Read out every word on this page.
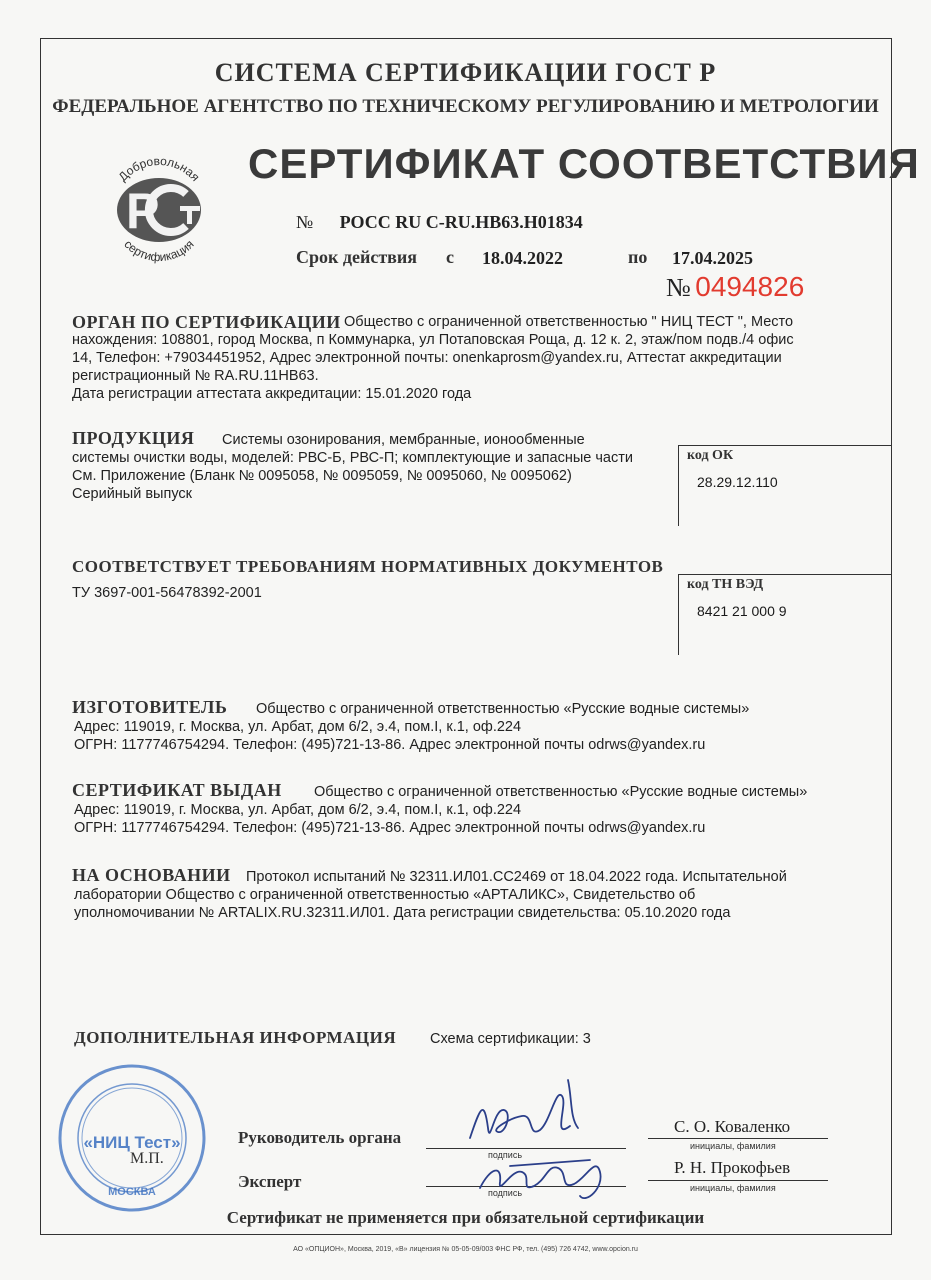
СИСТЕМА СЕРТИФИКАЦИИ ГОСТ Р
ФЕДЕРАЛЬНОЕ АГЕНТСТВО ПО ТЕХНИЧЕСКОМУ РЕГУЛИРОВАНИЮ И МЕТРОЛОГИИ
P
Добровольная
сертификация
СЕРТИФИКАТ СООТВЕТСТВИЯ
№ РОСС RU C-RU.НВ63.Н01834
Срок действия с 18.04.2022	по 17.04.2025
№ 0494826
ОРГАН ПО СЕРТИФИКАЦИИ Общество с ограниченной ответственностью " НИЦ ТЕСТ ", Место
нахождения: 108801, город Москва, п Коммунарка, ул Потаповская Роща, д. 12 к. 2, этаж/пом подв./4 офис
14, Телефон: +79034451952, Адрес электронной почты: onenkaprosm@yandex.ru, Аттестат аккредитации
регистрационный № RA.RU.11НВ63.
Дата регистрации аттестата аккредитации: 15.01.2020 года
ПРОДУКЦИЯ Системы озонирования, мембранные, ионообменные
системы очистки воды, моделей: РВС-Б, РВС-П; комплектующие и запасные части
См. Приложение (Бланк № 0095058, № 0095059, № 0095060, № 0095062)
Серийный выпуск
код ОК
28.29.12.110
СООТВЕТСТВУЕТ ТРЕБОВАНИЯМ НОРМАТИВНЫХ ДОКУМЕНТОВ
ТУ 3697-001-56478392-2001
код ТН ВЭД
8421 21 000 9
ИЗГОТОВИТЕЛЬ Общество с ограниченной ответственностью «Русские водные системы»
Адрес: 119019, г. Москва, ул. Арбат, дом 6/2, э.4, пом.I, к.1, оф.224
ОГРН: 1177746754294. Телефон: (495)721-13-86. Адрес электронной почты odrws@yandex.ru
СЕРТИФИКАТ ВЫДАН Общество с ограниченной ответственностью «Русские водные системы»
Адрес: 119019, г. Москва, ул. Арбат, дом 6/2, э.4, пом.I, к.1, оф.224
ОГРН: 1177746754294. Телефон: (495)721-13-86. Адрес электронной почты odrws@yandex.ru
НА ОСНОВАНИИ Протокол испытаний № 32311.ИЛ01.СС2469 от 18.04.2022 года. Испытательной
лаборатории Общество с ограниченной ответственностью «АРТАЛИКС», Свидетельство об
уполномочивании № ARTALIX.RU.32311.ИЛ01. Дата регистрации свидетельства: 05.10.2020 года
ДОПОЛНИТЕЛЬНАЯ ИНФОРМАЦИЯ Схема сертификации: 3
«НИЦ Тест»
МОСКВА
М.П.
Руководитель органа
подпись
С. О. Коваленко
инициалы, фамилия
Эксперт
подпись
Р. Н. Прокофьев
инициалы, фамилия
Сертификат не применяется при обязательной сертификации
АО «ОПЦИОН», Москва, 2019, «В» лицензия № 05-05-09/003 ФНС РФ, тел. (495) 726 4742, www.opcion.ru
